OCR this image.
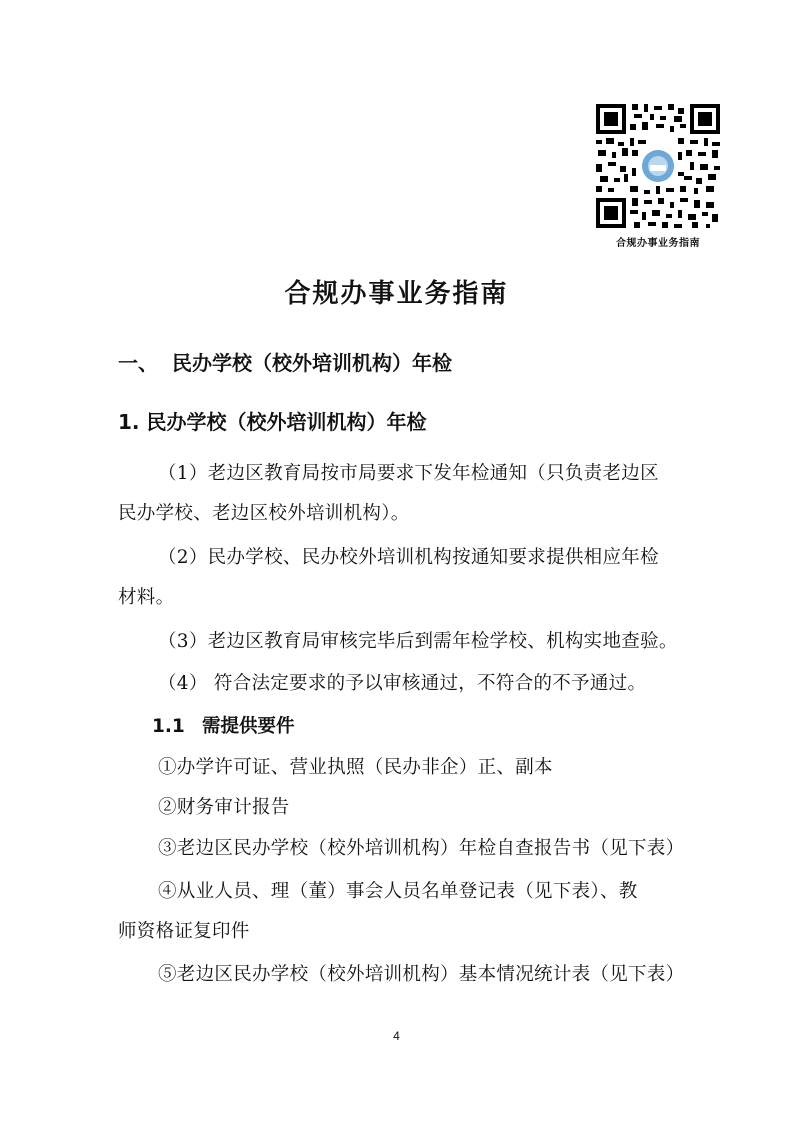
合规办事业务指南
合规办事业务指南
一、 民办学校（校外培训机构）年检
1. 民办学校（校外培训机构）年检
（1）老边区教育局按市局要求下发年检通知（只负责老边区
民办学校、老边区校外培训机构）。
（2）民办学校、民办校外培训机构按通知要求提供相应年检
材料。
（3）老边区教育局审核完毕后到需年检学校、机构实地查验。
（4） 符合法定要求的予以审核通过，不符合的不予通过。
1.1 需提供要件
①办学许可证、营业执照（民办非企）正、副本
②财务审计报告
③老边区民办学校（校外培训机构）年检自查报告书（见下表）
④从业人员、理（董）事会人员名单登记表（见下表）、教
师资格证复印件
⑤老边区民办学校（校外培训机构）基本情况统计表（见下表）
4
